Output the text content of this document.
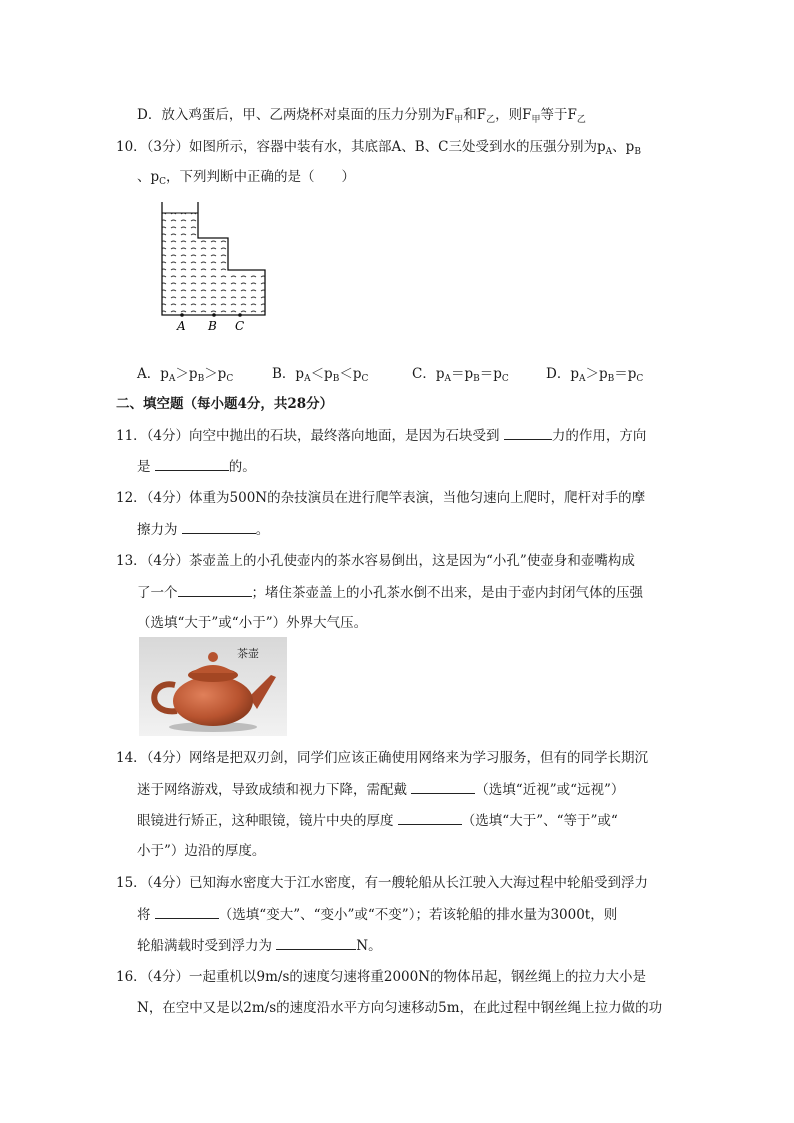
D．放入鸡蛋后，甲、乙两烧杯对桌面的压力分别为$F_甲$和$F_乙$，则$F_甲$等于$F_乙$
10．（3分）如图所示，容器中装有水，其底部A、B、C三处受到水的压强分别为$p_A$、$p_B$
、$p_C$，下列判断中正确的是（　　）
A B C
A．$p_A>p_B>p_C$	B．$p_A<p_B<p_C$	C．$p_A=p_B=p_C$	D．$p_A>p_B=p_C$
二、填空题（每小题4分，共28分）
11．（4分）向空中抛出的石块，最终落向地面，是因为石块受到	力的作用，方向
是	的。
12．（4分）体重为500N的杂技演员在进行爬竿表演，当他匀速向上爬时，爬杆对手的摩
擦力为	。
13．（4分）茶壶盖上的小孔使壶内的茶水容易倒出，这是因为“小孔”使壶身和壶嘴构成
了一个	；堵住茶壶盖上的小孔茶水倒不出来，是由于壶内封闭气体的压强
（选填“大于”或“小于”）外界大气压。
茶壶
14．（4分）网络是把双刃剑，同学们应该正确使用网络来为学习服务，但有的同学长期沉
迷于网络游戏，导致成绩和视力下降，需配戴	（选填“近视”或“远视”）
眼镜进行矫正，这种眼镜，镜片中央的厚度	（选填“大于”、“等于”或“
小于”）边沿的厚度。
15．（4分）已知海水密度大于江水密度，有一艘轮船从长江驶入大海过程中轮船受到浮力
将	（选填“变大”、“变小”或“不变”）；若该轮船的排水量为3000t，则
轮船满载时受到浮力为	N。
16．（4分）一起重机以9m/s的速度匀速将重2000N的物体吊起，钢丝绳上的拉力大小是
N，在空中又是以2m/s的速度沿水平方向匀速移动5m，在此过程中钢丝绳上拉力做的功
